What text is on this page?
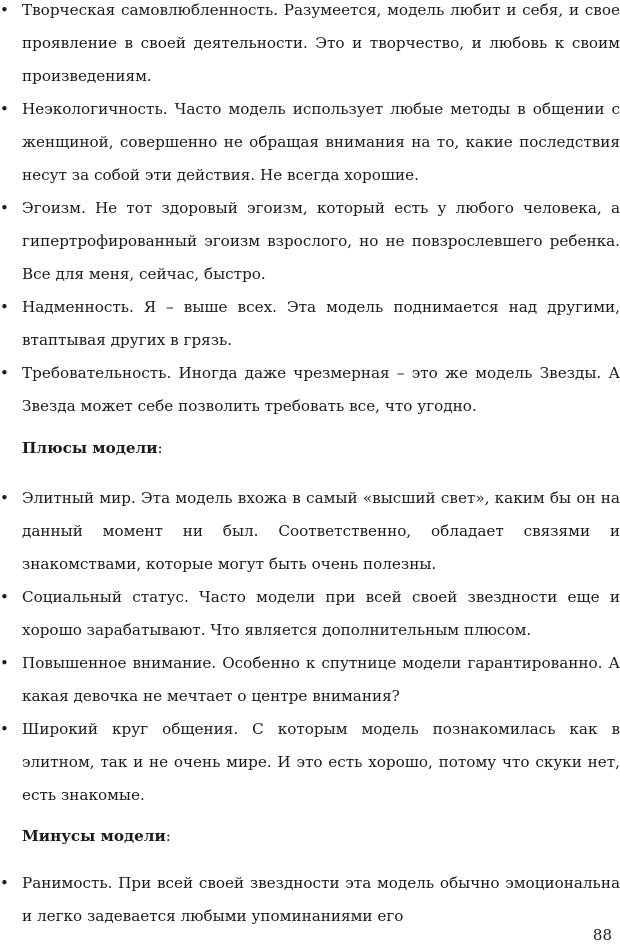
• Творческая самовлюбленность. Разумеется, модель любит и себя, и свое проявление в своей деятельности. Это и творчество, и любовь к своим произведениям.
• Неэкологичность. Часто модель использует любые методы в общении с женщиной, совершенно не обращая внимания на то, какие последствия несут за собой эти действия. Не всегда хорошие.
• Эгоизм. Не тот здоровый эгоизм, который есть у любого человека, а гипертрофированный эгоизм взрослого, но не повзрослевшего ребенка. Все для меня, сейчас, быстро.
• Надменность. Я – выше всех. Эта модель поднимается над другими, втаптывая других в грязь.
• Требовательность. Иногда даже чрезмерная – это же модель Звезды. А Звезда может себе позволить требовать все, что угодно.
Плюсы модели:
• Элитный мир. Эта модель вхожа в самый «высший свет», каким бы он на данный момент ни был. Соответственно, обладает связями и знакомствами, которые могут быть очень полезны.
• Социальный статус. Часто модели при всей своей звездности еще и хорошо зарабатывают. Что является дополнительным плюсом.
• Повышенное внимание. Особенно к спутнице модели гарантированно. А какая девочка не мечтает о центре внимания?
• Широкий круг общения. С которым модель познакомилась как в элитном, так и не очень мире. И это есть хорошо, потому что скуки нет, есть знакомые.
Минусы модели:
• Ранимость. При всей своей звездности эта модель обычно эмоциональна и легко задевается любыми упоминаниями его
88
